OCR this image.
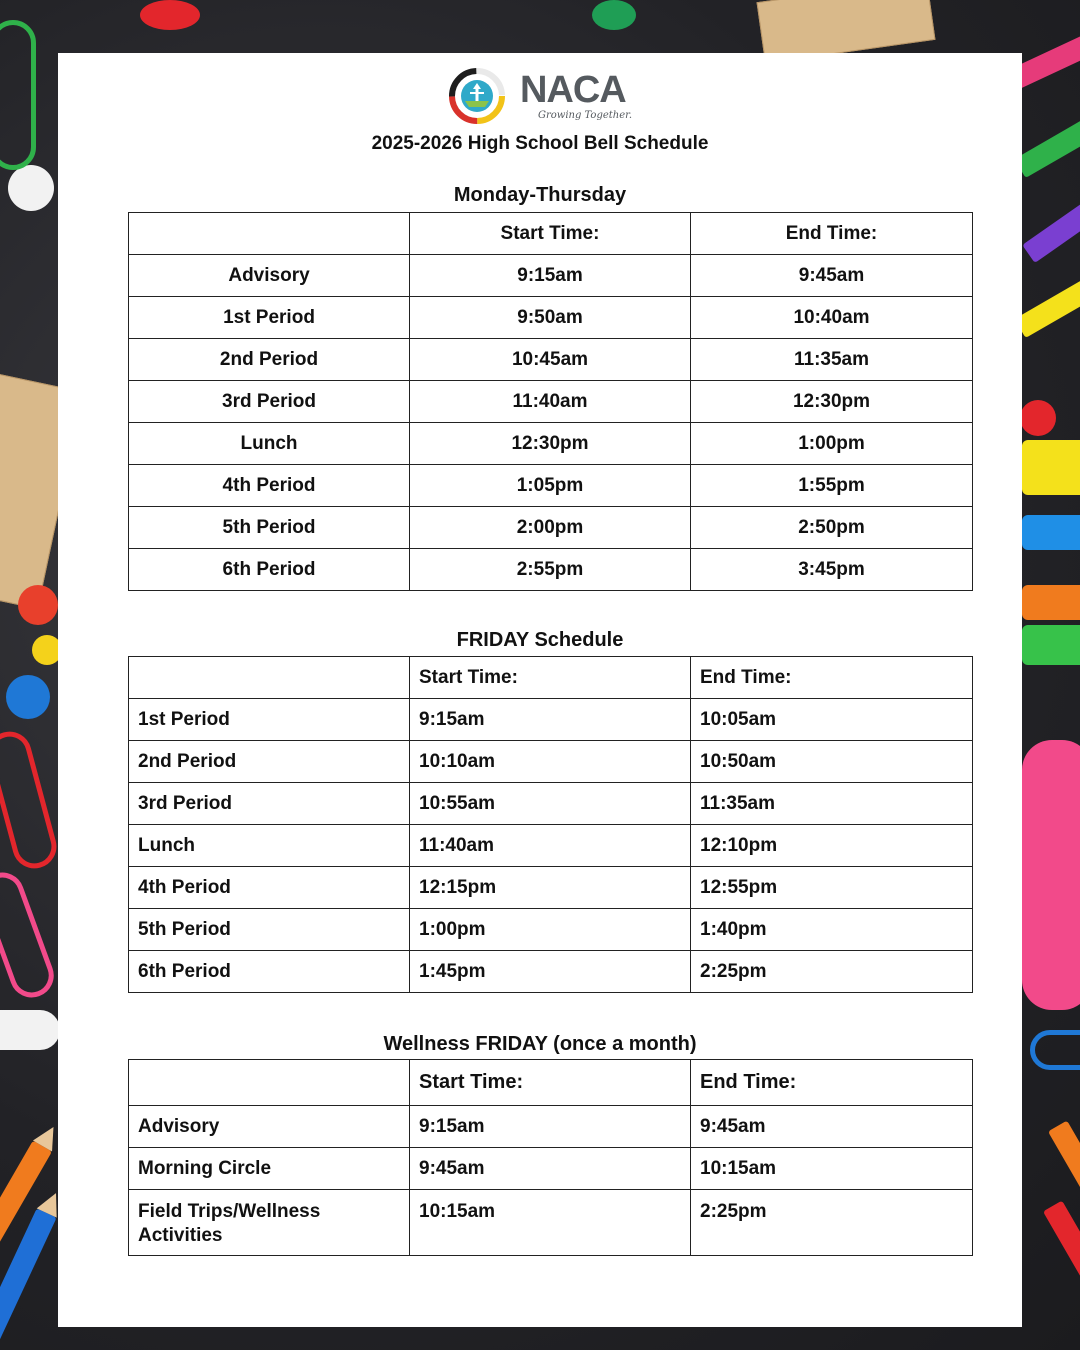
NACA
Growing Together.
2025-2026 High School Bell Schedule
Monday-Thursday
	Start Time:	End Time:
Advisory	9:15am	9:45am
1st Period	9:50am	10:40am
2nd Period	10:45am	11:35am
3rd Period	11:40am	12:30pm
Lunch	12:30pm	1:00pm
4th Period	1:05pm	1:55pm
5th Period	2:00pm	2:50pm
6th Period	2:55pm	3:45pm
FRIDAY Schedule
	Start Time:	End Time:
1st Period	9:15am	10:05am
2nd Period	10:10am	10:50am
3rd Period	10:55am	11:35am
Lunch	11:40am	12:10pm
4th Period	12:15pm	12:55pm
5th Period	1:00pm	1:40pm
6th Period	1:45pm	2:25pm
Wellness FRIDAY (once a month)
	Start Time:	End Time:
Advisory	9:15am	9:45am
Morning Circle	9:45am	10:15am
Field Trips/Wellness Activities	10:15am	2:25pm
